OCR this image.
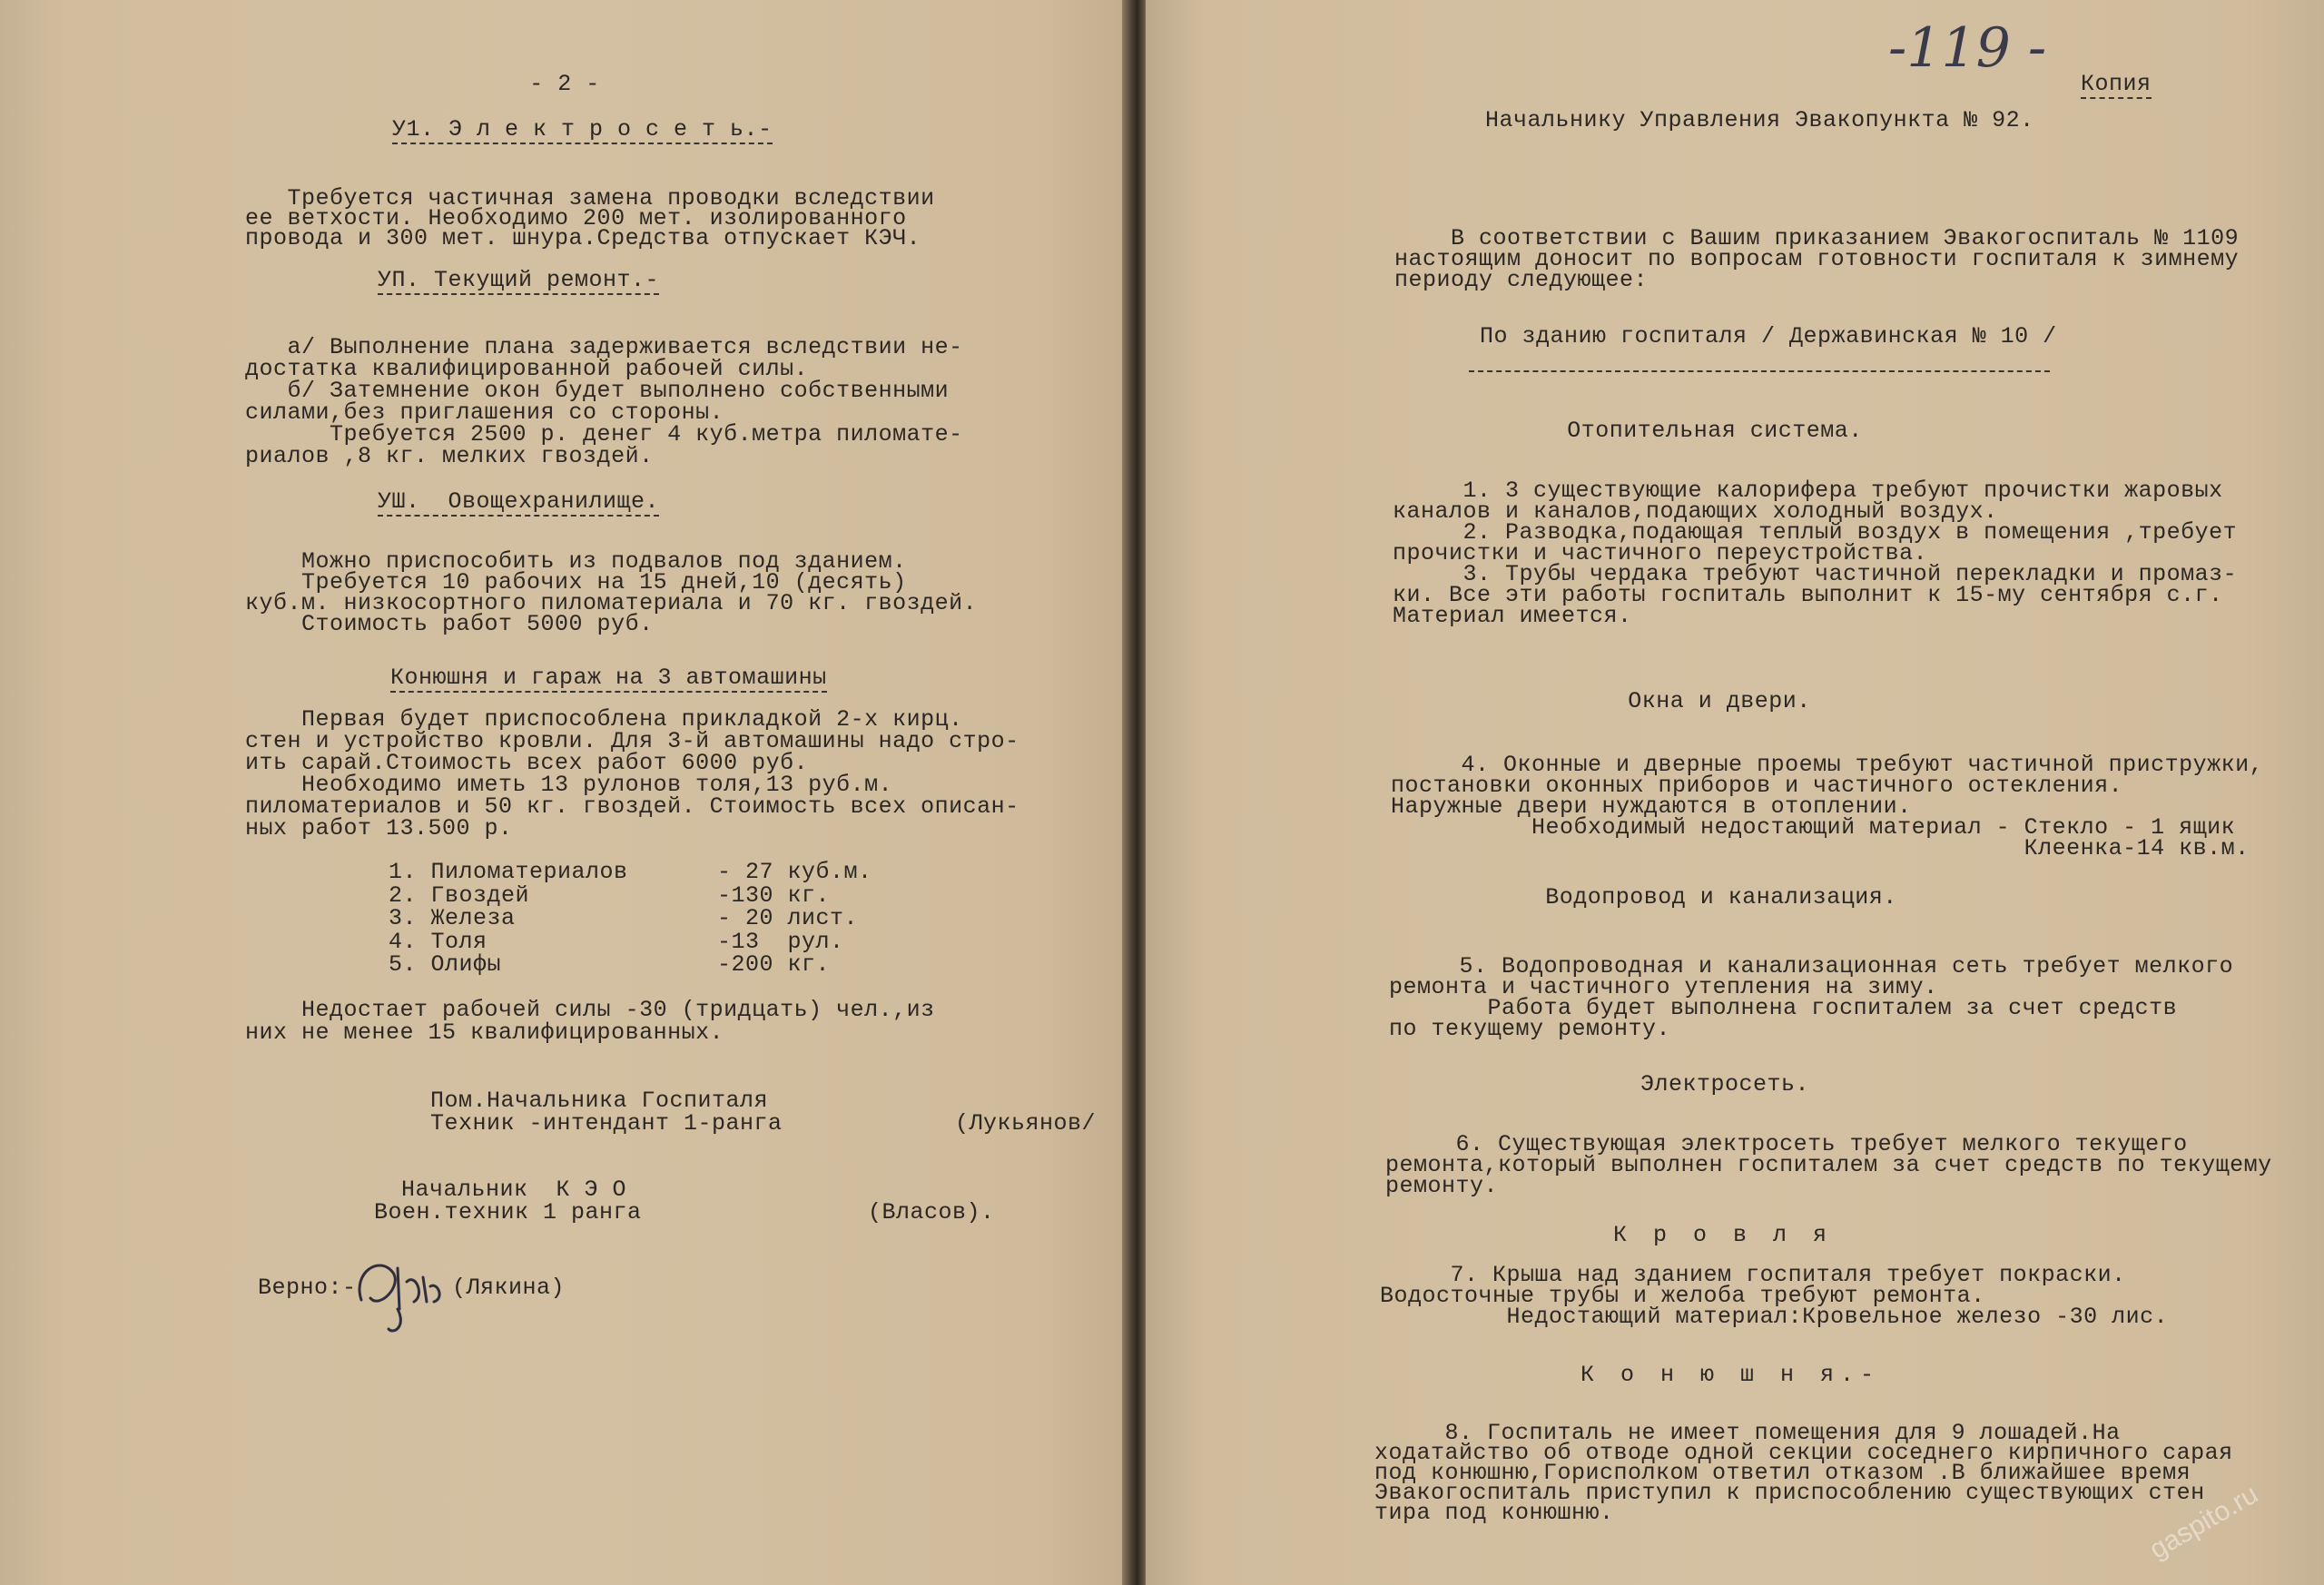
- 2 -
У1. Э л е к т р о с е т ь.-
Требуется частичная замена проводки вследствии
ее ветхости. Необходимо 200 мет. изолированного
провода и 300 мет. шнура.Средства отпускает КЭЧ.
УП. Текущий ремонт.-
а/ Выполнение плана задерживается вследствии не-
достатка квалифицированной рабочей силы.
б/ Затемнение окон будет выполнено собственными
силами,без приглашения со стороны.
Требуется 2500 р. денег 4 куб.метра пиломате-
риалов ,8 кг. мелких гвоздей.
УШ.  Овощехранилище.
Можно приспособить из подвалов под зданием.
Требуется 10 рабочих на 15 дней,10 (десять)
куб.м. низкосортного пиломатериала и 70 кг. гвоздей.
Стоимость работ 5000 руб.
Конюшня и гараж на 3 автомашины
Первая будет приспособлена прикладкой 2-х кирц.
стен и устройство кровли. Для 3-й автомашины надо стро-
ить сарай.Стоимость всех работ 6000 руб.
Необходимо иметь 13 рулонов толя,13 руб.м.
пиломатериалов и 50 кг. гвоздей. Стоимость всех описан-
ных работ 13.500 р.
1. Пиломатериалов	- 27 куб.м.
2. Гвоздей	-130 кг.
3. Железа	- 20 лист.
4. Толя	-13  рул.
5. Олифы	-200 кг.
Недостает рабочей силы -30 (тридцать) чел.,из
них не менее 15 квалифицированных.
Пом.Начальника Госпиталя
Техник -интендант 1-ранга	(Лукьянов/
Начальник  К Э О
Воен.техник 1 ранга	(Власов).
Верно:-	(Лякина)
-119 -
Копия
Начальнику Управления Эвакопункта № 92.
В соответствии с Вашим приказанием Эвакогоспиталь № 1109
настоящим доносит по вопросам готовности госпиталя к зимнему
периоду следующее:
По зданию госпиталя / Державинская № 10 /
Отопительная система.
1. 3 существующие калорифера требуют прочистки жаровых
каналов и каналов,подающих холодный воздух.
2. Разводка,подающая теплый воздух в помещения ,требует
прочистки и частичного переустройства.
3. Трубы чердака требуют частичной перекладки и промаз-
ки. Все эти работы госпиталь выполнит к 15-му сентября с.г.
Материал имеется.
Окна и двери.
4. Оконные и дверные проемы требуют частичной пристружки,
постановки оконных приборов и частичного остекления.
Наружные двери нуждаются в отоплении.
Необходимый недостающий материал - Стекло - 1 ящик
Клеенка-14 кв.м.
Водопровод и канализация.
5. Водопроводная и канализационная сеть требует мелкого
ремонта и частичного утепления на зиму.
Работа будет выполнена госпиталем за счет средств
по текущему ремонту.
Электросеть.
6. Существующая электросеть требует мелкого текущего
ремонта,который выполнен госпиталем за счет средств по текущему
ремонту.
К р о в л я
7. Крыша над зданием госпиталя требует покраски.
Водосточные трубы и желоба требуют ремонта.
Недостающий материал:Кровельное железо -30 лис.
К о н ю ш н я.-
8. Госпиталь не имеет помещения для 9 лошадей.На
ходатайство об отводе одной секции соседнего кирпичного сарая
под конюшню,Горисполком ответил отказом .В ближайшее время
Эвакогоспиталь приступил к приспособлению существующих стен
тира под конюшню.	gaspito.ru
